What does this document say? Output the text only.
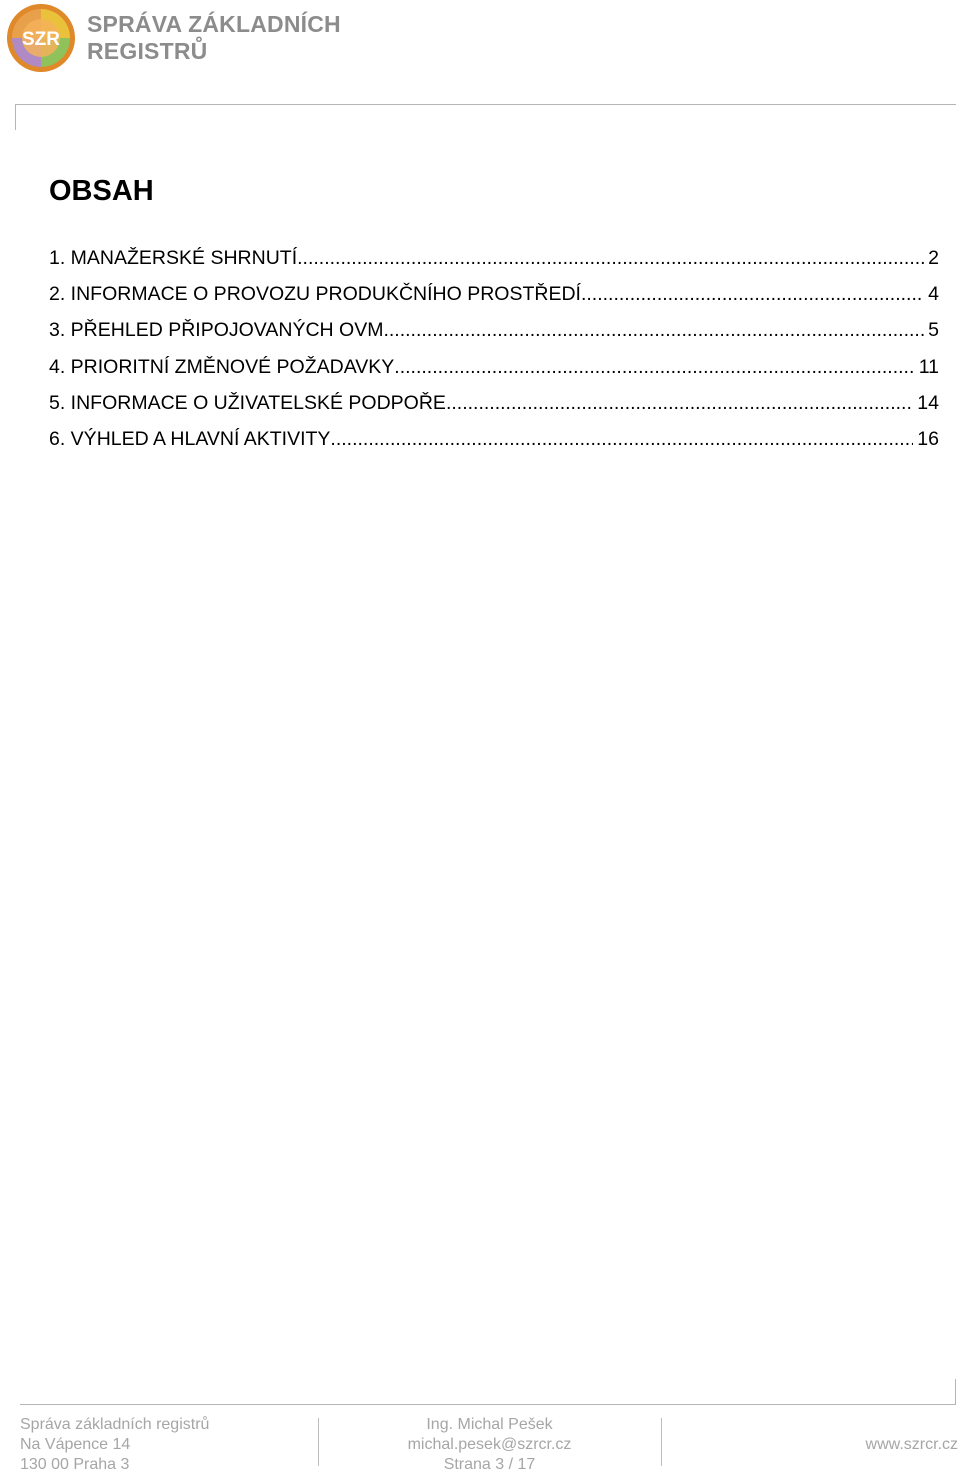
SZR
SPRÁVA ZÁKLADNÍCH
REGISTRŮ
OBSAH
1. MANAŽERSKÉ SHRNUTÍ .....	2
2. INFORMACE O PROVOZU PRODUKČNÍHO PROSTŘEDÍ .....	4
3. PŘEHLED PŘIPOJOVANÝCH OVM .....	5
4. PRIORITNÍ ZMĚNOVÉ POŽADAVKY .....	11
5. INFORMACE O UŽIVATELSKÉ PODPOŘE .....	14
6. VÝHLED A HLAVNÍ AKTIVITY .....	16
Správa základních registrů
Na Vápence 14
130 00 Praha 3
Ing. Michal Pešek
michal.pesek@szrcr.cz
Strana 3 / 17
www.szrcr.cz
